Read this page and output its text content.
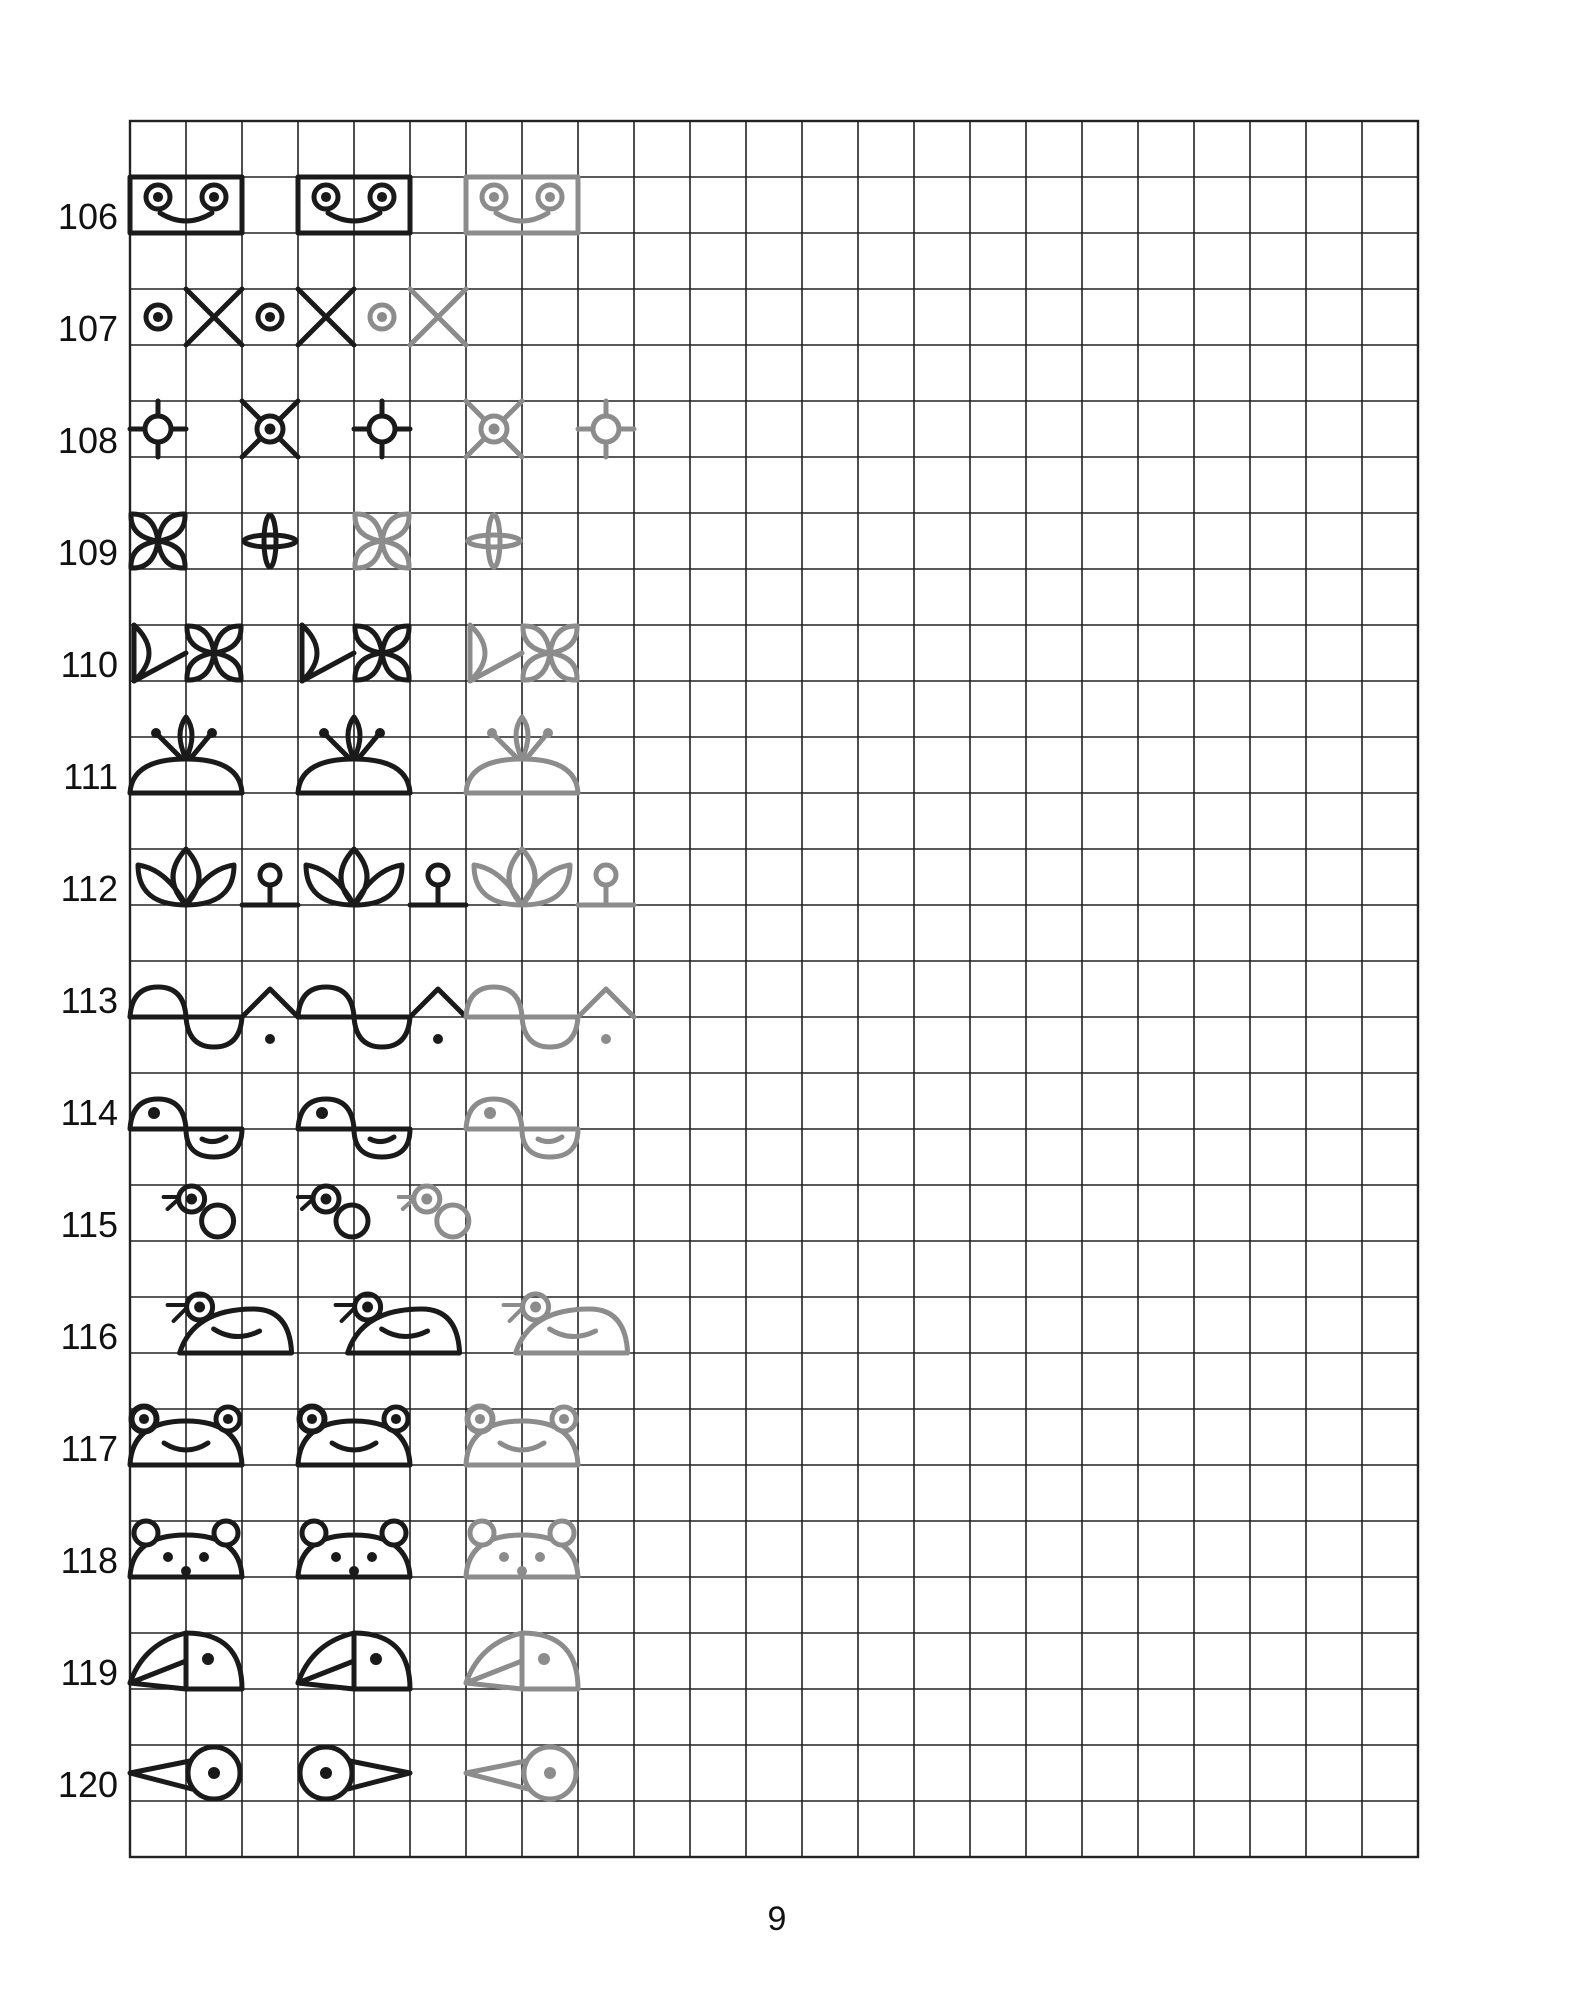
106
107
108
109
110
111
112
113
114
115
116
117
118
119
120
9
